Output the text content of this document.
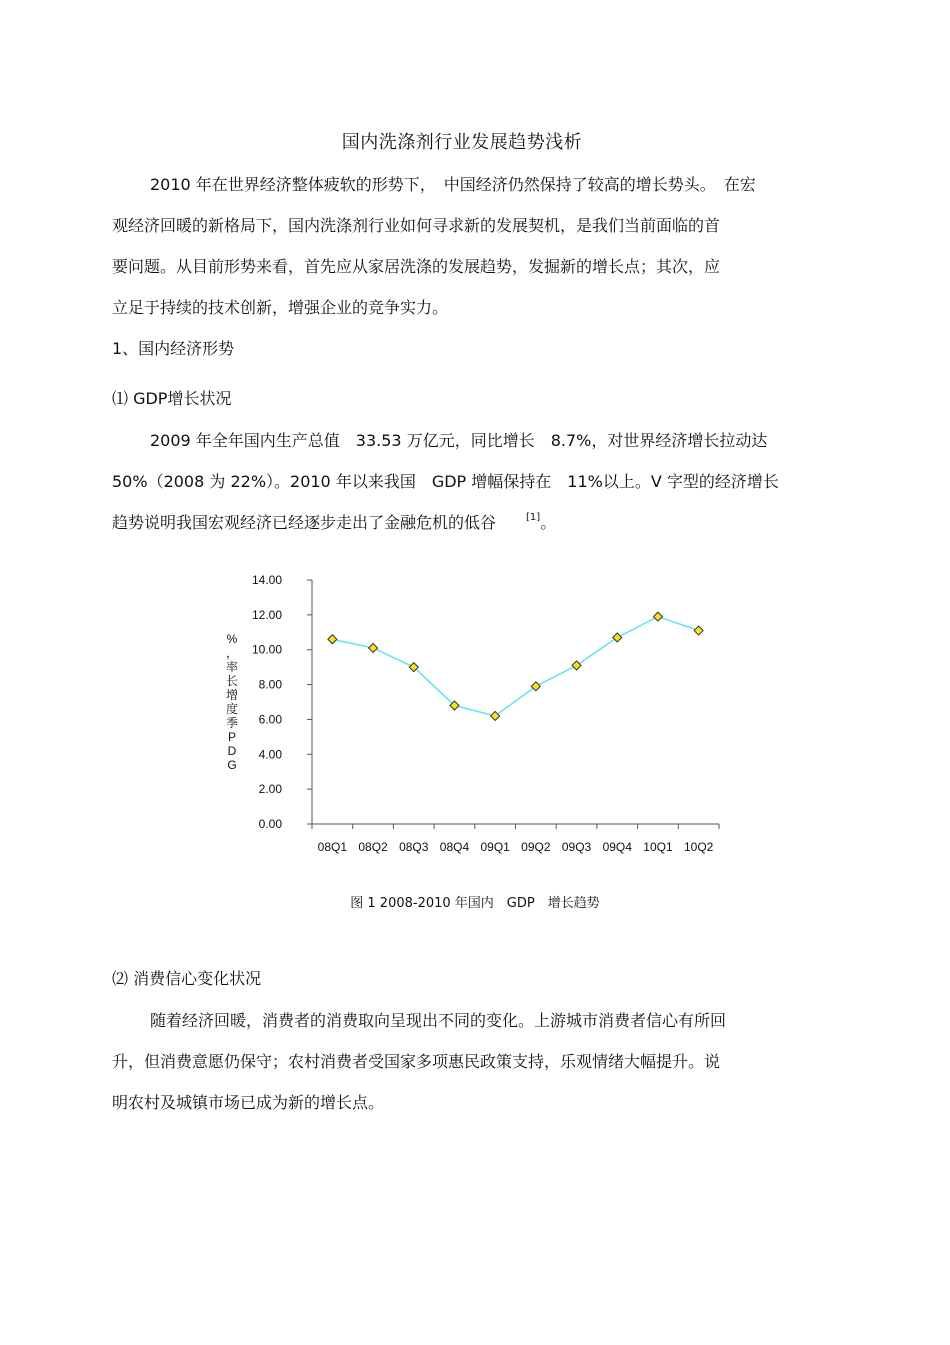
国内洗涤剂行业发展趋势浅析
2010 年在世界经济整体疲软的形势下，　中国经济仍然保持了较高的增长势头。　在宏
观经济回暖的新格局下，国内洗涤剂行业如何寻求新的发展契机，是我们当前面临的首
要问题。从目前形势来看，首先应从家居洗涤的发展趋势，发掘新的增长点；其次，应
立足于持续的技术创新，增强企业的竞争实力。
1、国内经济形势
⑴ GDP增长状况
2009 年全年国内生产总值　33.53 万亿元，同比增长　8.7%，对世界经济增长拉动达
50%（2008 为 22%）。2010 年以来我国　GDP 增幅保持在　11%以上。V 字型的经济增长
趋势说明我国宏观经济已经逐步走出了金融危机的低谷	[1]。
0.00
2.00
4.00
6.00
8.00
10.00
12.00
14.00
08Q1 08Q2 08Q3 08Q4 09Q1 09Q2 09Q3 09Q4 10Q1 10Q2
%，率长增度季 P D G
图 1 2008-2010 年国内　GDP　增长趋势
⑵ 消费信心变化状况
随着经济回暖，消费者的消费取向呈现出不同的变化。上游城市消费者信心有所回
升，但消费意愿仍保守；农村消费者受国家多项惠民政策支持，乐观情绪大幅提升。说
明农村及城镇市场已成为新的增长点。
